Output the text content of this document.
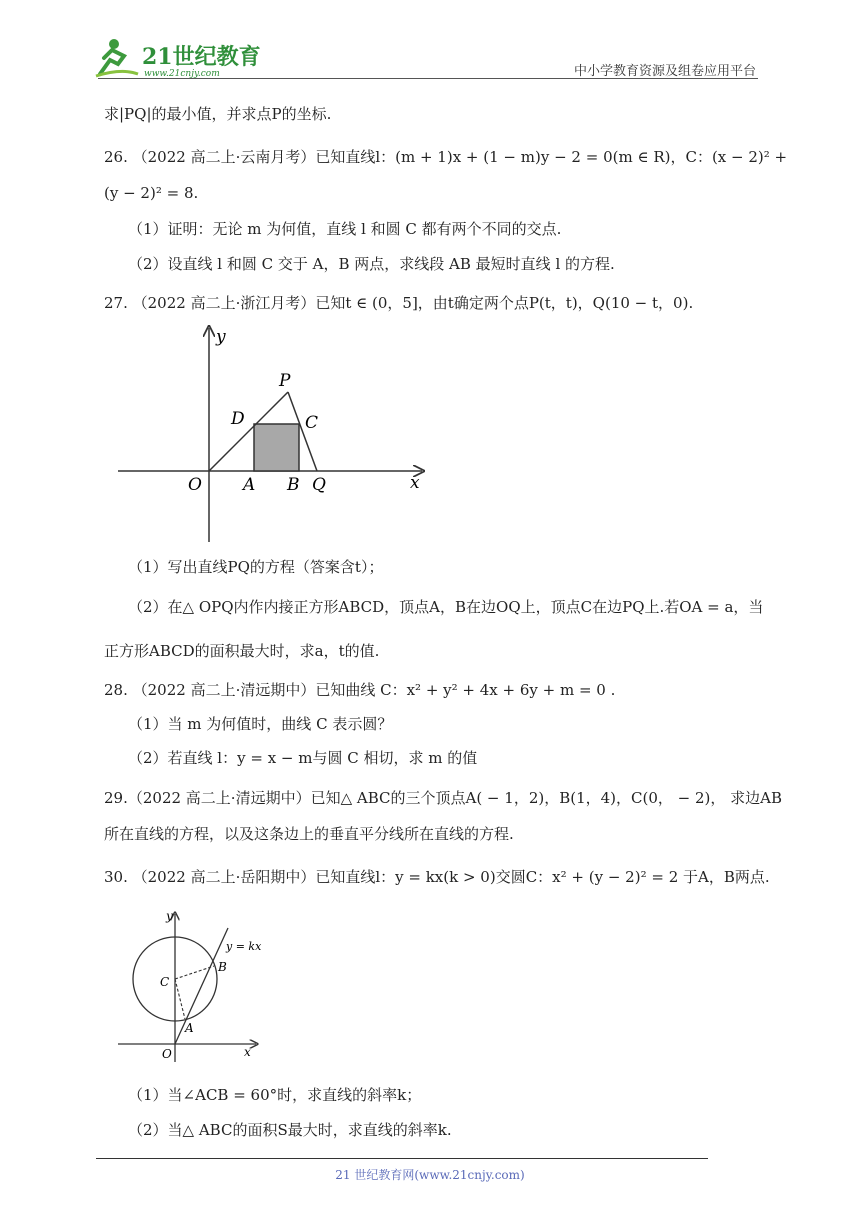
21世纪教育
www.21cnjy.com	中小学教育资源及组卷应用平台
求|PQ|的最小值，并求点P的坐标.
26. （2022 高二上·云南月考）已知直线l：(m + 1)x + (1 − m)y − 2 = 0(m ∈ R)，C：(x − 2)² +
(y − 2)² = 8.
（1）证明：无论 m 为何值，直线 l 和圆 C 都有两个不同的交点.
（2）设直线 l 和圆 C 交于 A，B 两点，求线段 AB 最短时直线 l 的方程.
27. （2022 高二上·浙江月考）已知t ∈ (0，5]，由t确定两个点P(t，t)，Q(10 − t，0).
y
x
O A B Q
P
C
D
（1）写出直线PQ的方程（答案含t）；
（2）在△ OPQ内作内接正方形ABCD，顶点A，B在边OQ上，顶点C在边PQ上.若OA = a，当
正方形ABCD的面积最大时，求a，t的值.
28. （2022 高二上·清远期中）已知曲线 C：x² + y² + 4x + 6y + m = 0 .
（1）当 m 为何值时，曲线 C 表示圆？
（2）若直线 l：y = x − m与圆 C 相切，求 m 的值
29.（2022 高二上·清远期中）已知△ ABC的三个顶点A( − 1，2)，B(1，4)，C(0， − 2)， 求边AB
所在直线的方程，以及这条边上的垂直平分线所在直线的方程.
30. （2022 高二上·岳阳期中）已知直线l：y = kx(k > 0)交圆C：x² + (y − 2)² = 2 于A，B两点.
y
x
O
A
B
C
y = kx
（1）当∠ACB = 60°时，求直线的斜率k；
（2）当△ ABC的面积S最大时，求直线的斜率k.
21 世纪教育网(www.21cnjy.com)
